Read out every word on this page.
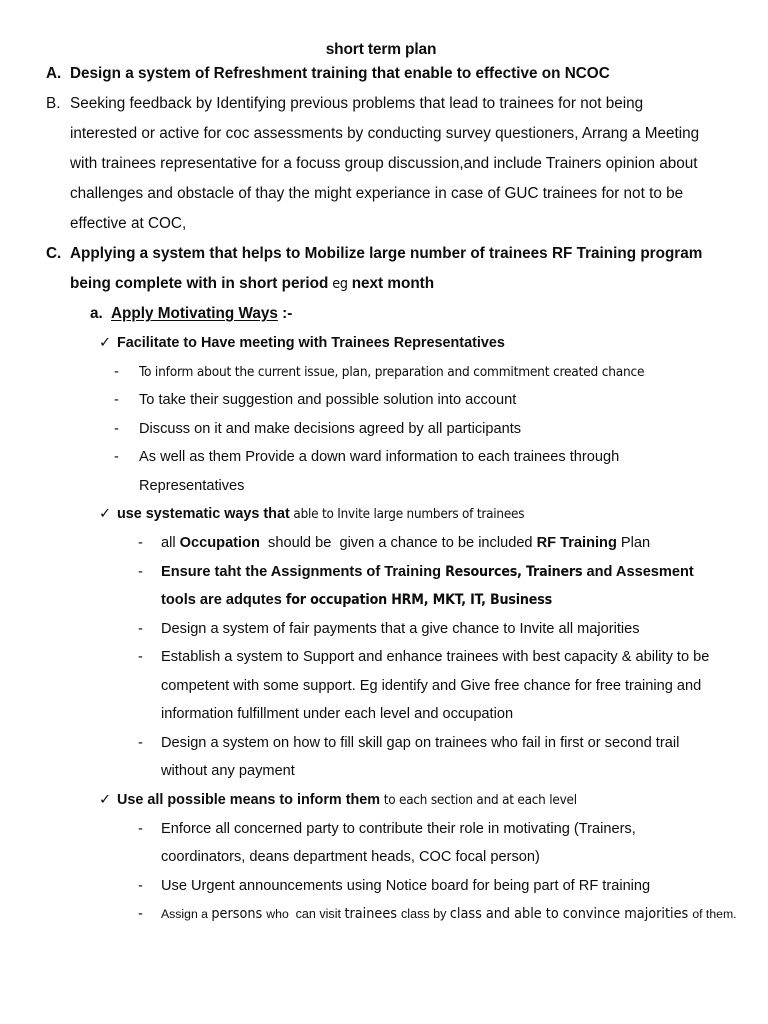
short term plan
A. Design a system of Refreshment training that enable to effective on NCOC
B. Seeking feedback by Identifying previous problems that lead to trainees for not being interested or active for coc assessments by conducting survey questioners, Arrang a Meeting with trainees representative for a focuss group discussion,and include Trainers opinion about challenges and obstacle of thay the might experiance in case of GUC trainees for not to be effective at COC,
C. Applying a system that helps to Mobilize large number of trainees RF Training program being complete with in short period eg next month
a. Apply Motivating Ways :-
✓ Facilitate to Have meeting with Trainees Representatives
-	To inform about the current issue, plan, preparation and commitment created chance
-	To take their suggestion and possible solution into account
-	Discuss on it and make decisions agreed by all participants
-	As well as them Provide a down ward information to each trainees through Representatives
✓ use systematic ways that able to Invite large numbers of trainees
-	all Occupation  should be  given a chance to be included RF Training Plan
-	Ensure taht the Assignments of Training Resources, Trainers and Assesment tools are adqutes for occupation HRM, MKT, IT, Business
-	Design a system of fair payments that a give chance to Invite all majorities
-	Establish a system to Support and enhance trainees with best capacity & ability to be competent with some support. Eg identify and Give free chance for free training and information fulfillment under each level and occupation
-	Design a system on how to fill skill gap on trainees who fail in first or second trail without any payment
✓ Use all possible means to inform them to each section and at each level
-	Enforce all concerned party to contribute their role in motivating (Trainers, coordinators, deans department heads, COC focal person)
-	Use Urgent announcements using Notice board for being part of RF training
-	Assign a persons who  can visit trainees class by class and able to convince majorities of them.
